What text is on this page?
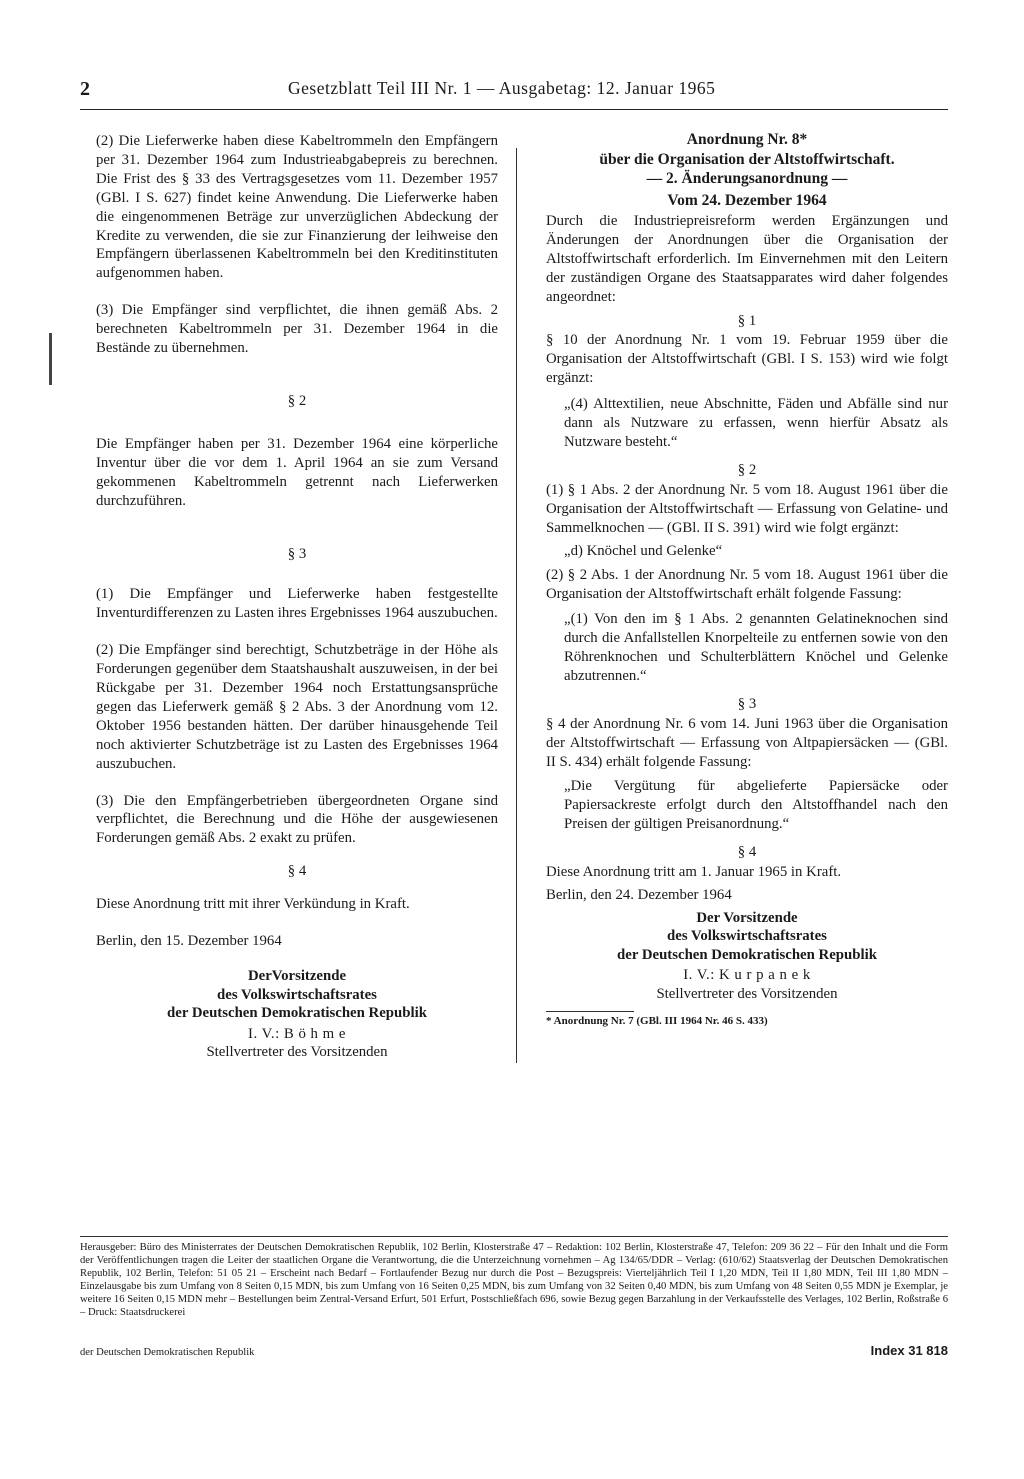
2	Gesetzblatt Teil III Nr. 1 — Ausgabetag: 12. Januar 1965

(2) Die Lieferwerke haben diese Kabeltrommeln den Empfängern per 31. Dezember 1964 zum Industrieabgabepreis zu berechnen. Die Frist des § 33 des Vertragsgesetzes vom 11. Dezember 1957 (GBl. I S. 627) findet keine Anwendung. Die Lieferwerke haben die eingenommenen Beträge zur unverzüglichen Abdeckung der Kredite zu verwenden, die sie zur Finanzierung der leihweise den Empfängern überlassenen Kabeltrommeln bei den Kreditinstituten aufgenommen haben.

(3) Die Empfänger sind verpflichtet, die ihnen gemäß Abs. 2 berechneten Kabeltrommeln per 31. Dezember 1964 in die Bestände zu übernehmen.

§ 2

Die Empfänger haben per 31. Dezember 1964 eine körperliche Inventur über die vor dem 1. April 1964 an sie zum Versand gekommenen Kabeltrommeln getrennt nach Lieferwerken durchzuführen.

§ 3

(1) Die Empfänger und Lieferwerke haben festgestellte Inventurdifferenzen zu Lasten ihres Ergebnisses 1964 auszubuchen.

(2) Die Empfänger sind berechtigt, Schutzbeträge in der Höhe als Forderungen gegenüber dem Staatshaushalt auszuweisen, in der bei Rückgabe per 31. Dezember 1964 noch Erstattungsansprüche gegen das Lieferwerk gemäß § 2 Abs. 3 der Anordnung vom 12. Oktober 1956 bestanden hätten. Der darüber hinausgehende Teil noch aktivierter Schutzbeträge ist zu Lasten des Ergebnisses 1964 auszubuchen.

(3) Die den Empfängerbetrieben übergeordneten Organe sind verpflichtet, die Berechnung und die Höhe der ausgewiesenen Forderungen gemäß Abs. 2 exakt zu prüfen.

§ 4

Diese Anordnung tritt mit ihrer Verkündung in Kraft.

Berlin, den 15. Dezember 1964

DerVorsitzende

des Volkswirtschaftsrates

der Deutschen Demokratischen Republik

I. V.: B ö h m e

Stellvertreter des Vorsitzenden

Anordnung Nr. 8*

über die Organisation der Altstoffwirtschaft.

— 2. Änderungsanordnung —

Vom 24. Dezember 1964

Durch die Industriepreisreform werden Ergänzungen und Änderungen der Anordnungen über die Organisation der Altstoffwirtschaft erforderlich. Im Einvernehmen mit den Leitern der zuständigen Organe des Staatsapparates wird daher folgendes angeordnet:

§ 1

§ 10 der Anordnung Nr. 1 vom 19. Februar 1959 über die Organisation der Altstoffwirtschaft (GBl. I S. 153) wird wie folgt ergänzt:

„(4) Alttextilien, neue Abschnitte, Fäden und Abfälle sind nur dann als Nutzware zu erfassen, wenn hierfür Absatz als Nutzware besteht.“

§ 2

(1) § 1 Abs. 2 der Anordnung Nr. 5 vom 18. August 1961 über die Organisation der Altstoffwirtschaft — Erfassung von Gelatine- und Sammelknochen — (GBl. II S. 391) wird wie folgt ergänzt:

„d) Knöchel und Gelenke“

(2) § 2 Abs. 1 der Anordnung Nr. 5 vom 18. August 1961 über die Organisation der Altstoffwirtschaft erhält folgende Fassung:

„(1) Von den im § 1 Abs. 2 genannten Gelatineknochen sind durch die Anfallstellen Knorpelteile zu entfernen sowie von den Röhrenknochen und Schulterblättern Knöchel und Gelenke abzutrennen.“

§ 3

§ 4 der Anordnung Nr. 6 vom 14. Juni 1963 über die Organisation der Altstoffwirtschaft — Erfassung von Altpapiersäcken — (GBl. II S. 434) erhält folgende Fassung:

„Die Vergütung für abgelieferte Papiersäcke oder Papiersackreste erfolgt durch den Altstoffhandel nach den Preisen der gültigen Preisanordnung.“

§ 4

Diese Anordnung tritt am 1. Januar 1965 in Kraft.

Berlin, den 24. Dezember 1964

Der Vorsitzende

des Volkswirtschaftsrates

der Deutschen Demokratischen Republik

I. V.: K u r p a n e k

Stellvertreter des Vorsitzenden

* Anordnung Nr. 7 (GBl. III 1964 Nr. 46 S. 433)

Herausgeber: Büro des Ministerrates der Deutschen Demokratischen Republik, 102 Berlin, Klosterstraße 47 – Redaktion: 102 Berlin, Klosterstraße 47, Telefon: 209 36 22 – Für den Inhalt und die Form der Veröffentlichungen tragen die Leiter der staatlichen Organe die Verantwortung, die die Unterzeichnung vornehmen – Ag 134/65/DDR – Verlag: (610/62) Staatsverlag der Deutschen Demokratischen Republik, 102 Berlin, Telefon: 51 05 21 – Erscheint nach Bedarf – Fortlaufender Bezug nur durch die Post – Bezugspreis: Vierteljährlich Teil I 1,20 MDN, Teil II 1,80 MDN, Teil III 1,80 MDN – Einzelausgabe bis zum Umfang von 8 Seiten 0,15 MDN, bis zum Umfang von 16 Seiten 0,25 MDN, bis zum Umfang von 32 Seiten 0,40 MDN, bis zum Umfang von 48 Seiten 0,55 MDN je Exemplar, je weitere 16 Seiten 0,15 MDN mehr – Bestellungen beim Zentral-Versand Erfurt, 501 Erfurt, Postschließfach 696, sowie Bezug gegen Barzahlung in der Verkaufsstelle des Verlages, 102 Berlin, Roßstraße 6 – Druck: Staatsdruckerei

der Deutschen Demokratischen Republik	Index 31 818
